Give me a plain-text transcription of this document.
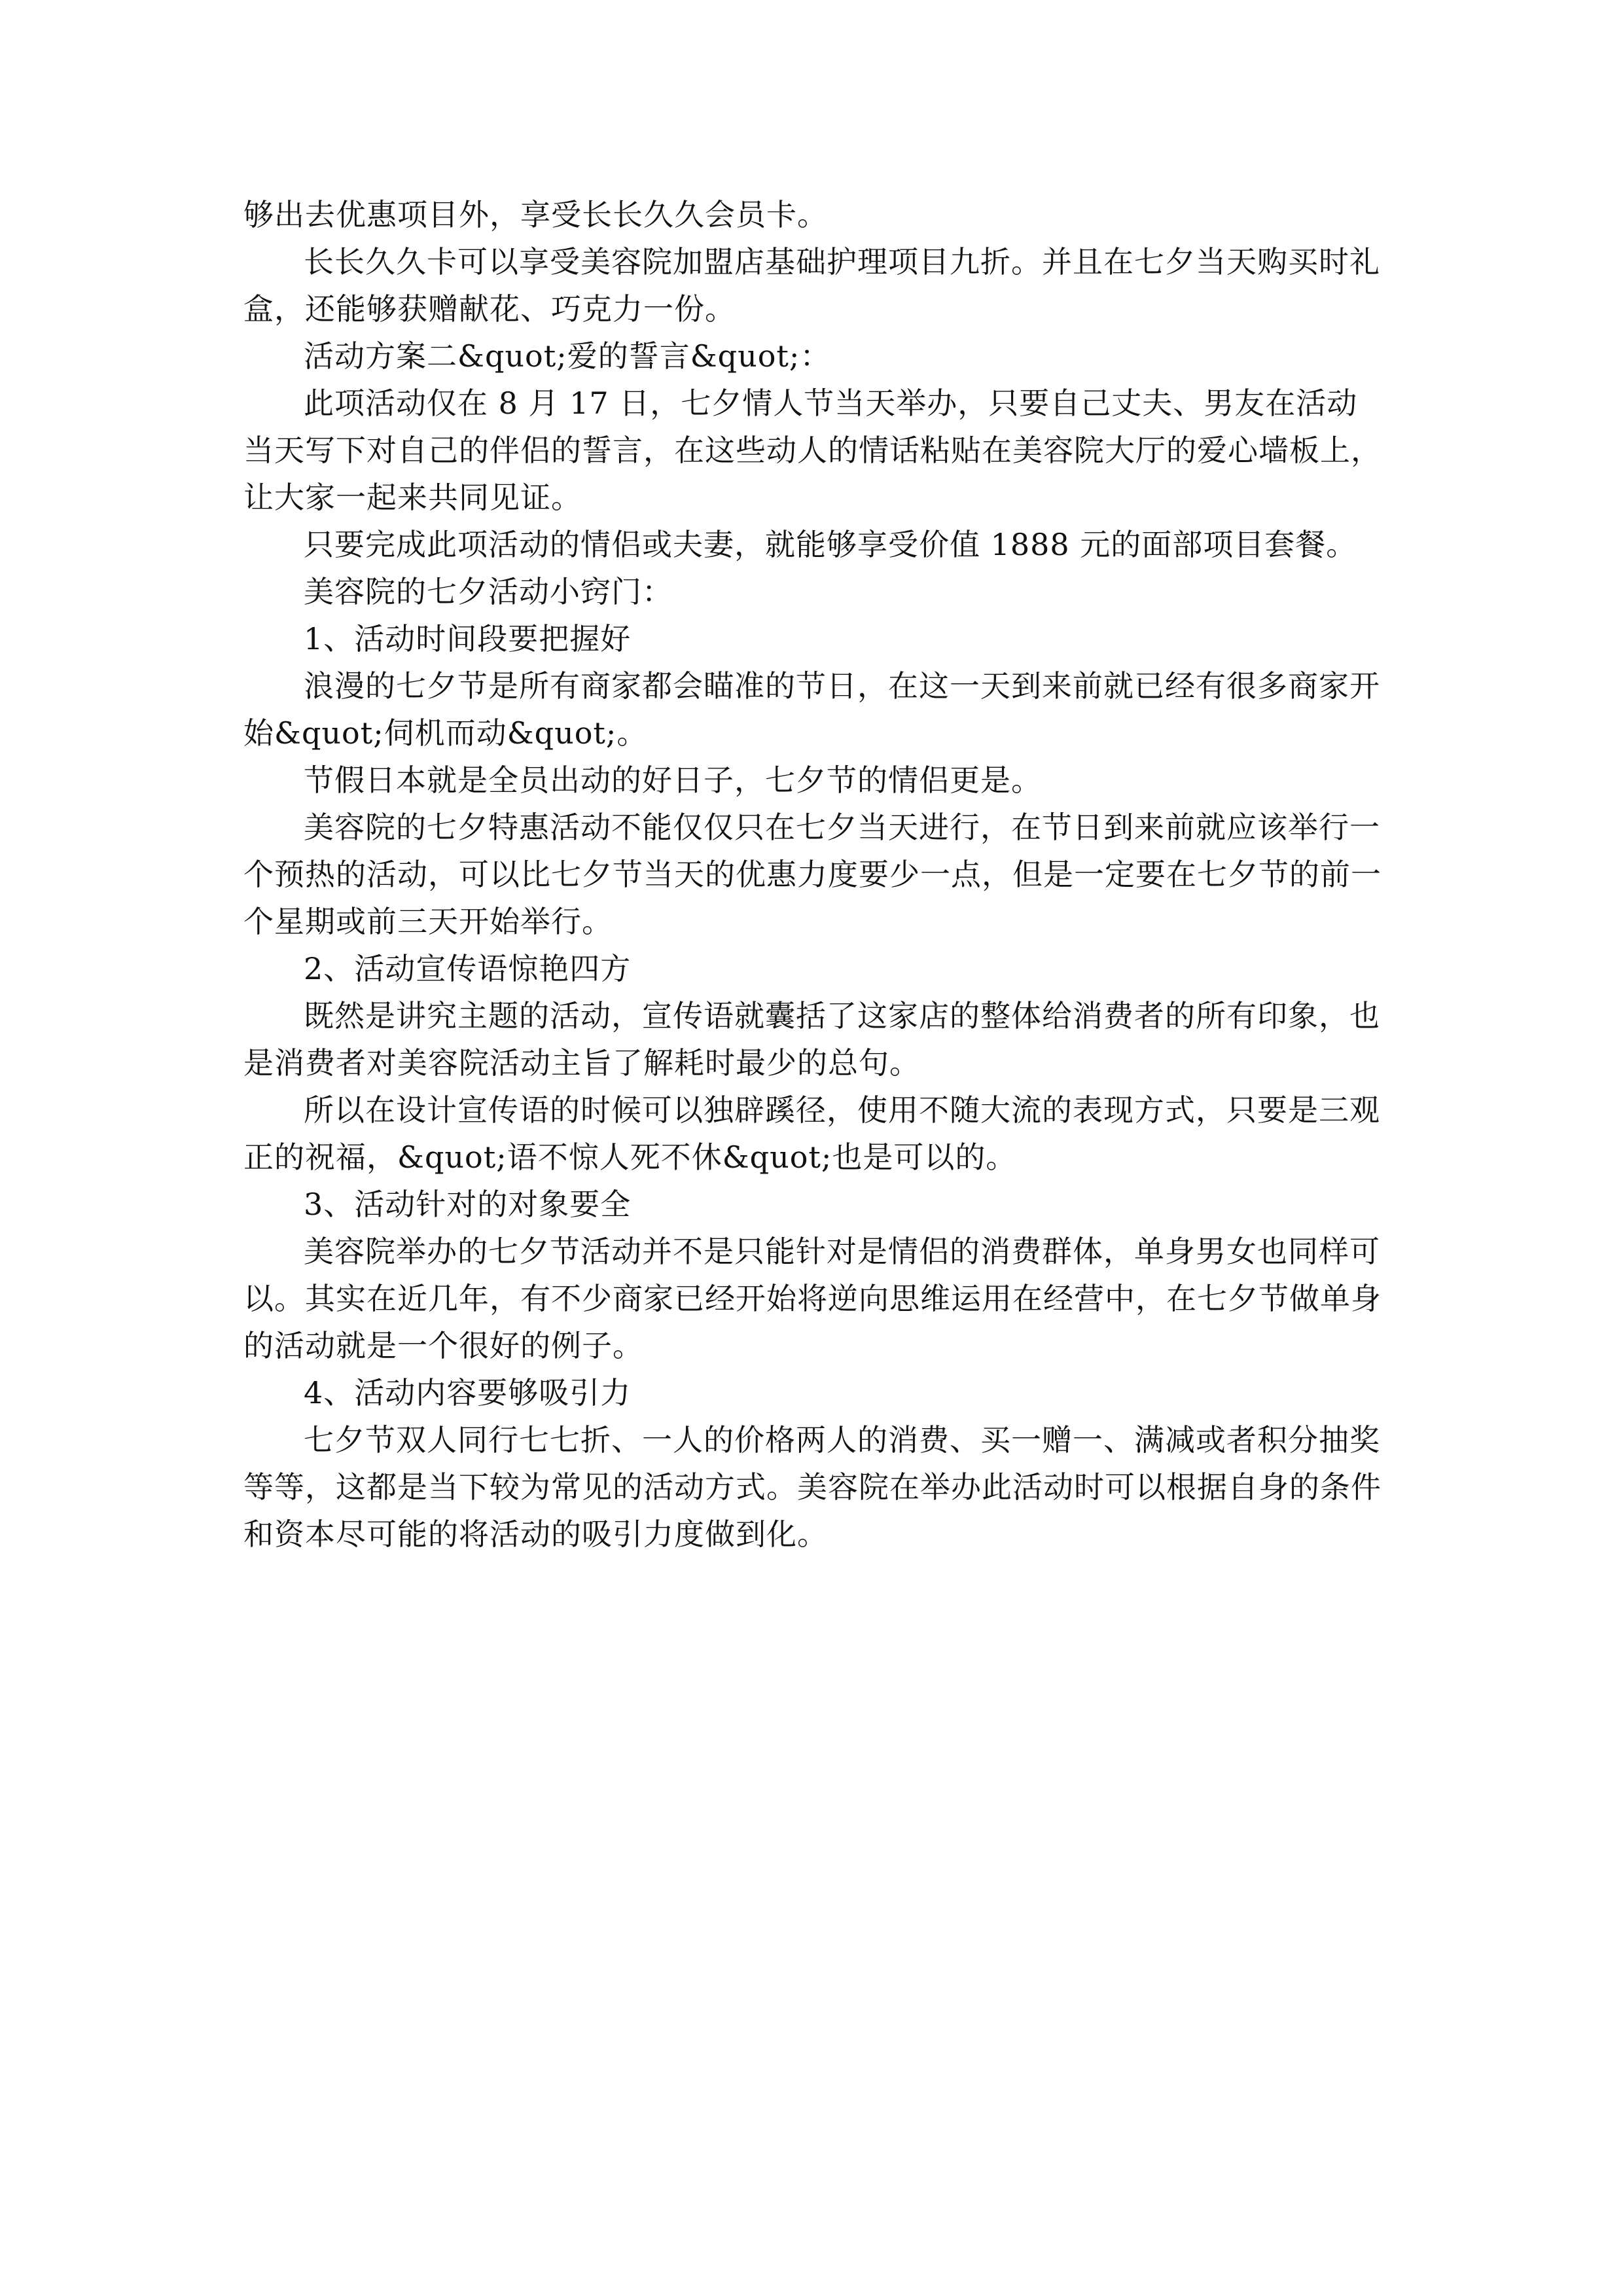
够出去优惠项目外，享受长长久久会员卡。

长长久久卡可以享受美容院加盟店基础护理项目九折。并且在七夕当天购买时礼盒，还能够获赠献花、巧克力一份。

活动方案二&quot;爱的誓言&quot;：

此项活动仅在 8 月 17 日，七夕情人节当天举办，只要自己丈夫、男友在活动当天写下对自己的伴侣的誓言，在这些动人的情话粘贴在美容院大厅的爱心墙板上，让大家一起来共同见证。

只要完成此项活动的情侣或夫妻，就能够享受价值 1888 元的面部项目套餐。

美容院的七夕活动小窍门：

1、活动时间段要把握好

浪漫的七夕节是所有商家都会瞄准的节日，在这一天到来前就已经有很多商家开始&quot;伺机而动&quot;。

节假日本就是全员出动的好日子，七夕节的情侣更是。

美容院的七夕特惠活动不能仅仅只在七夕当天进行，在节日到来前就应该举行一个预热的活动，可以比七夕节当天的优惠力度要少一点，但是一定要在七夕节的前一个星期或前三天开始举行。

2、活动宣传语惊艳四方

既然是讲究主题的活动，宣传语就囊括了这家店的整体给消费者的所有印象，也是消费者对美容院活动主旨了解耗时最少的总句。

所以在设计宣传语的时候可以独辟蹊径，使用不随大流的表现方式，只要是三观正的祝福，&quot;语不惊人死不休&quot;也是可以的。

3、活动针对的对象要全

美容院举办的七夕节活动并不是只能针对是情侣的消费群体，单身男女也同样可以。其实在近几年，有不少商家已经开始将逆向思维运用在经营中，在七夕节做单身的活动就是一个很好的例子。

4、活动内容要够吸引力

七夕节双人同行七七折、一人的价格两人的消费、买一赠一、满减或者积分抽奖等等，这都是当下较为常见的活动方式。美容院在举办此活动时可以根据自身的条件和资本尽可能的将活动的吸引力度做到化。
